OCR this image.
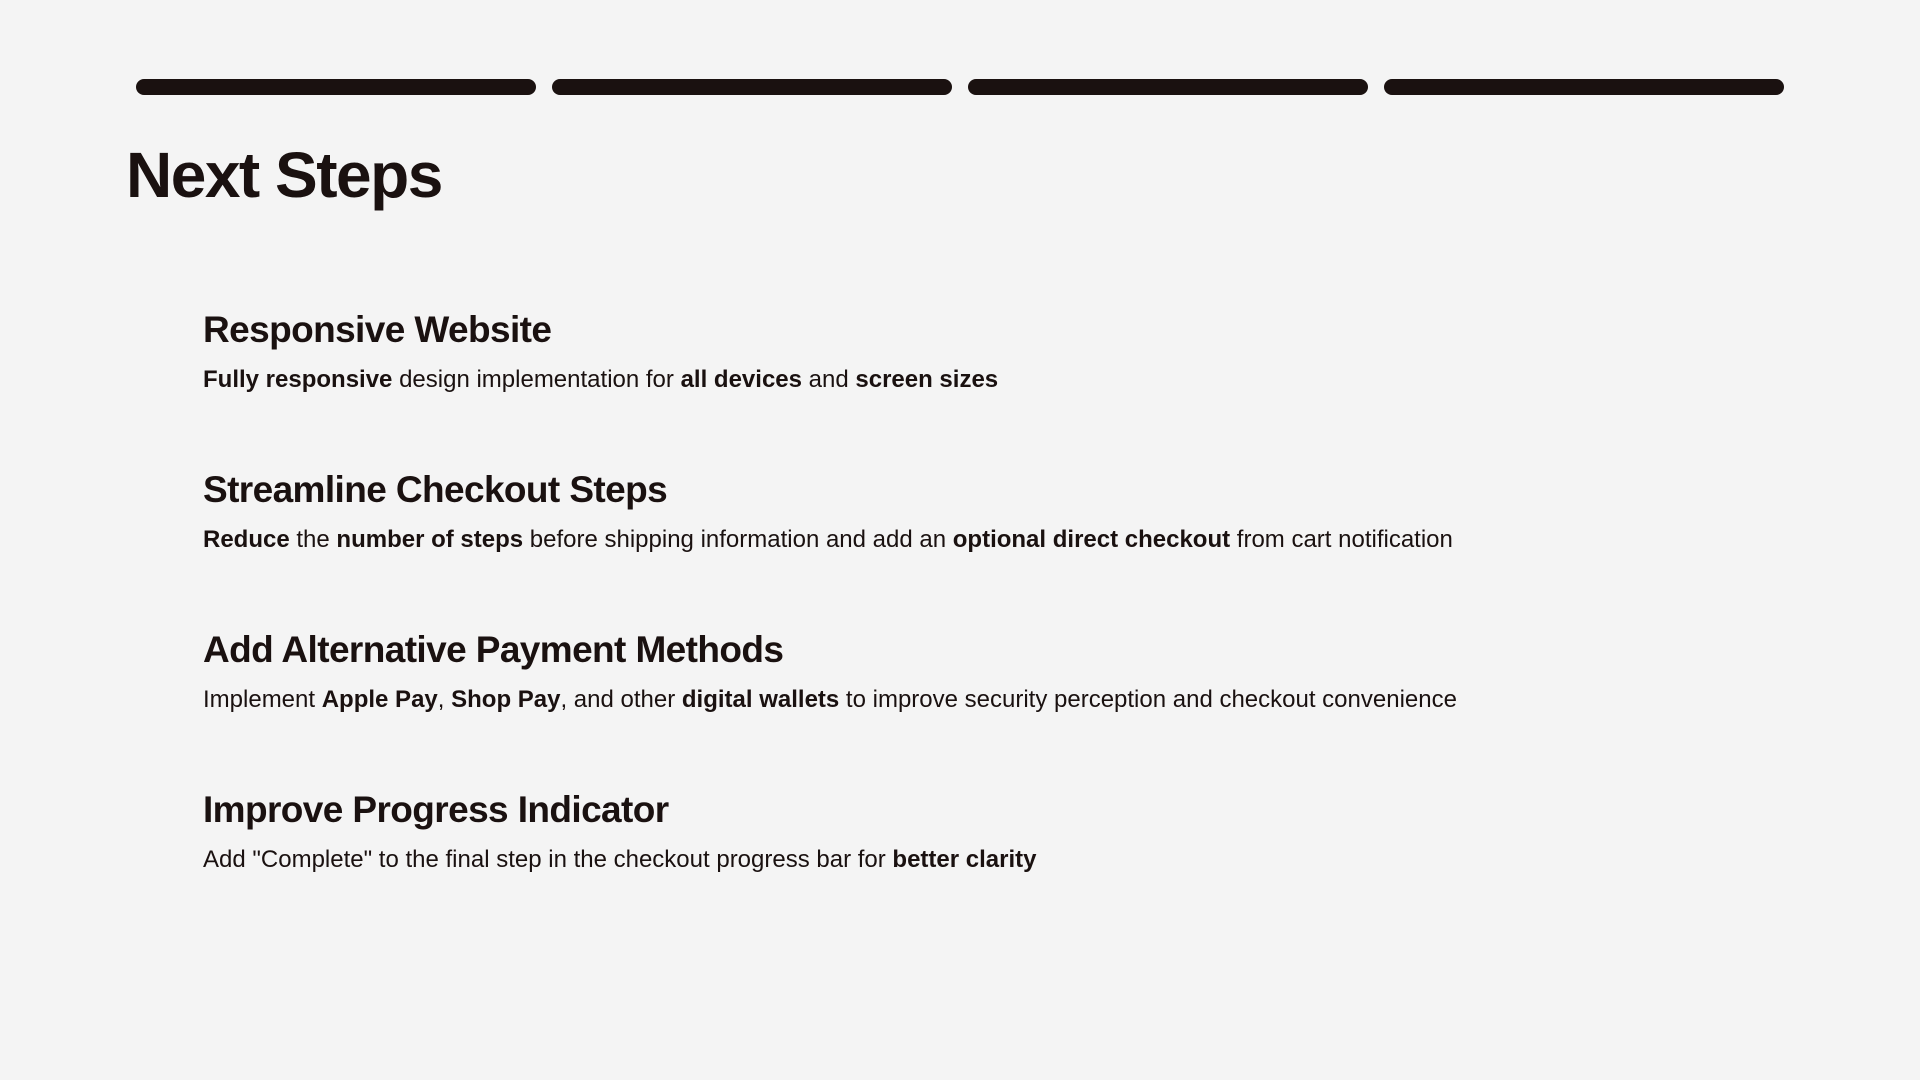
Next Steps
Responsive Website

Fully responsive design implementation for all devices and screen sizes

Streamline Checkout Steps

Reduce the number of steps before shipping information and add an optional direct checkout from cart notification

Add Alternative Payment Methods

Implement Apple Pay, Shop Pay, and other digital wallets to improve security perception and checkout convenience

Improve Progress Indicator

Add "Complete" to the final step in the checkout progress bar for better clarity
